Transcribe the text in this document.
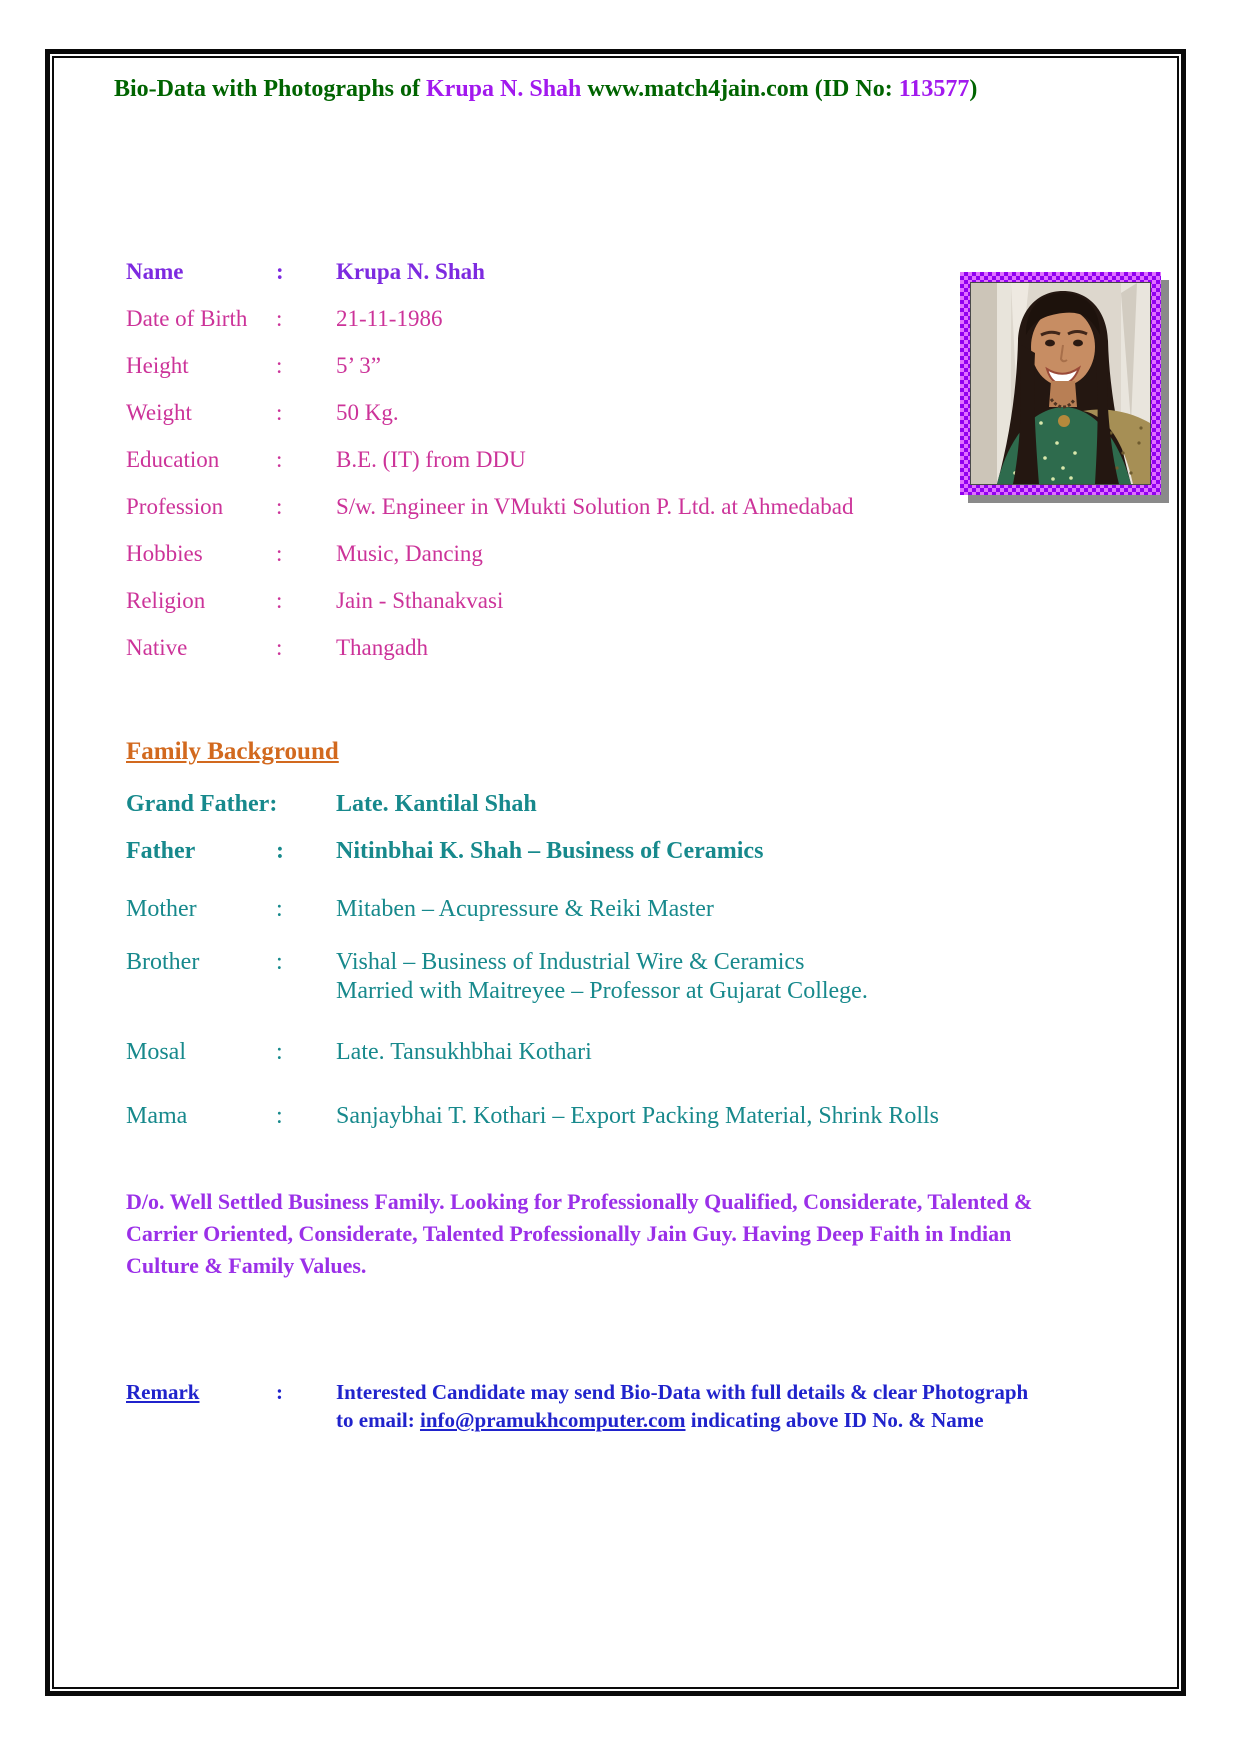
Bio-Data with Photographs of Krupa N. Shah www.match4jain.com (ID No: 113577)
Name	:	Krupa N. Shah
Date of Birth	:	21-11-1986
Height	:	5’ 3”
Weight	:	50 Kg.
Education	:	B.E. (IT) from DDU
Profession	:	S/w. Engineer in VMukti Solution P. Ltd. at Ahmedabad
Hobbies	:	Music, Dancing
Religion	:	Jain - Sthanakvasi
Native	:	Thangadh
Family Background
Grand Father:	Late. Kantilal Shah
Father	:	Nitinbhai K. Shah – Business of Ceramics
Mother	:	Mitaben – Acupressure & Reiki Master
Brother	:	Vishal – Business of Industrial Wire & Ceramics
Married with Maitreyee – Professor at Gujarat College.
Mosal	:	Late. Tansukhbhai Kothari
Mama	:	Sanjaybhai T. Kothari – Export Packing Material, Shrink Rolls
D/o. Well Settled Business Family. Looking for Professionally Qualified, Considerate, Talented & Carrier Oriented, Considerate, Talented Professionally Jain Guy. Having Deep Faith in Indian Culture & Family Values.
Remark	:	Interested Candidate may send Bio-Data with full details & clear Photograph to email: info@pramukhcomputer.com indicating above ID No. & Name
